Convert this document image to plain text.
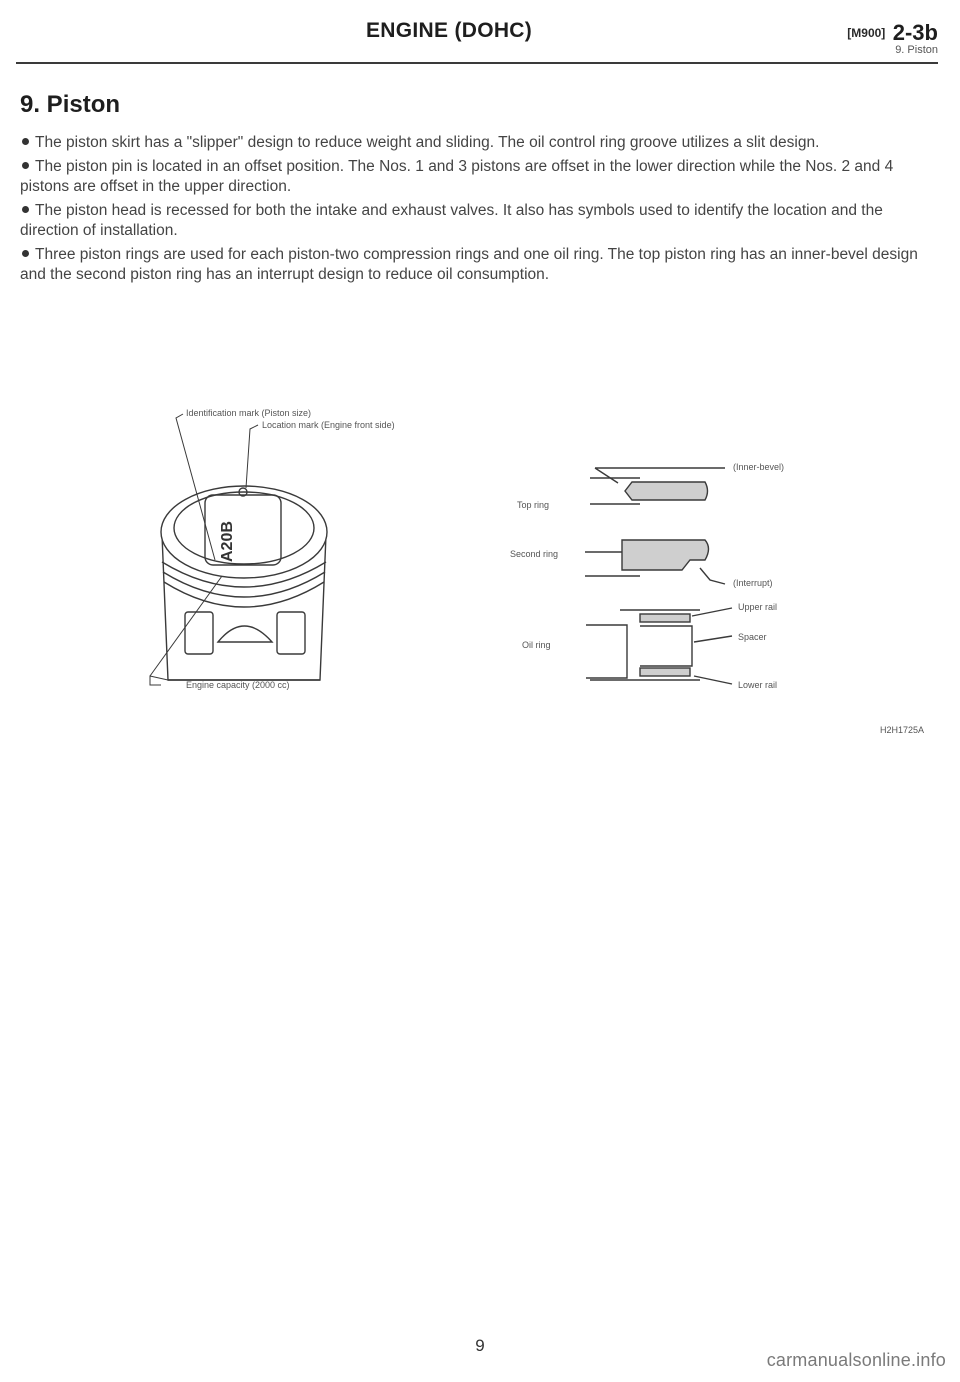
ENGINE (DOHC)	[M900] 2-3b
9. Piston
9. Piston
The piston skirt has a "slipper" design to reduce weight and sliding. The oil control ring groove utilizes a slit design.
The piston pin is located in an offset position. The Nos. 1 and 3 pistons are offset in the lower direction while the Nos. 2 and 4 pistons are offset in the upper direction.
The piston head is recessed for both the intake and exhaust valves. It also has symbols used to identify the location and the direction of installation.
Three piston rings are used for each piston-two compression rings and one oil ring. The top piston ring has an inner-bevel design and the second piston ring has an interrupt design to reduce oil consumption.
A20B
Identification mark (Piston size)
Location mark (Engine front side)
Engine capacity (2000 cc)
Top ring
(Inner-bevel)
Second ring
(Interrupt)
Oil ring
Upper rail
Spacer
Lower rail
H2H1725A
9
carmanualsonline.info
